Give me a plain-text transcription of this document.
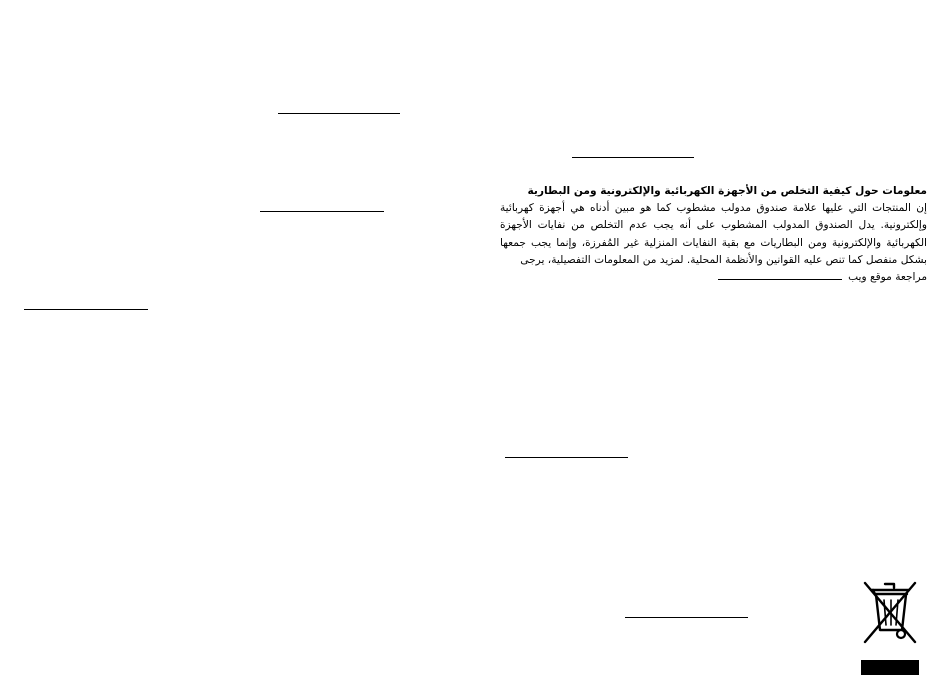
معلومات حول كيفية التخلص من الأجهزة الكهربائية والإلكترونية ومن البطارية
إن المنتجات التي عليها علامة صندوق مدولب مشطوب كما هو مبين أدناه هي أجهزة كهربائية وإلكترونية. يدل الصندوق المدولب المشطوب على أنه يجب عدم التخلص من نفايات الأجهزة الكهربائية والإلكترونية ومن البطاريات مع بقية النفايات المنزلية غير المُفرزة، وإنما يجب جمعها بشكل منفصل كما تنص عليه القوانين والأنظمة المحلية. لمزيد من المعلومات التفصيلية، يرجى
مراجعة موقع ويب
